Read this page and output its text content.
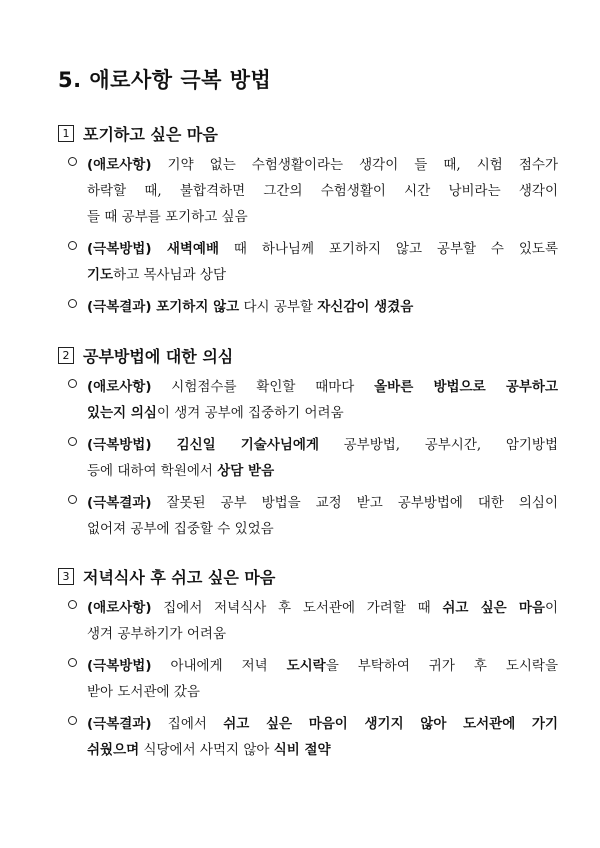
5. 애로사항 극복 방법
1 포기하고 싶은 마음
(애로사항) 기약 없는 수험생활이라는 생각이 들 때, 시험 점수가
하락할 때, 불합격하면 그간의 수험생활이 시간 낭비라는 생각이
들 때 공부를 포기하고 싶음
(극복방법) 새벽예배 때 하나님께 포기하지 않고 공부할 수 있도록
기도하고 목사님과 상담
(극복결과) 포기하지 않고 다시 공부할 자신감이 생겼음
2 공부방법에 대한 의심
(애로사항) 시험점수를 확인할 때마다 올바른 방법으로 공부하고
있는지 의심이 생겨 공부에 집중하기 어려움
(극복방법) 김신일 기술사님에게 공부방법, 공부시간, 암기방법
등에 대하여 학원에서 상담 받음
(극복결과) 잘못된 공부 방법을 교정 받고 공부방법에 대한 의심이
없어져 공부에 집중할 수 있었음
3 저녁식사 후 쉬고 싶은 마음
(애로사항) 집에서 저녁식사 후 도서관에 가려할 때 쉬고 싶은 마음이
생겨 공부하기가 어려움
(극복방법) 아내에게 저녁 도시락을 부탁하여 귀가 후 도시락을
받아 도서관에 갔음
(극복결과) 집에서 쉬고 싶은 마음이 생기지 않아 도서관에 가기
쉬웠으며 식당에서 사먹지 않아 식비 절약
